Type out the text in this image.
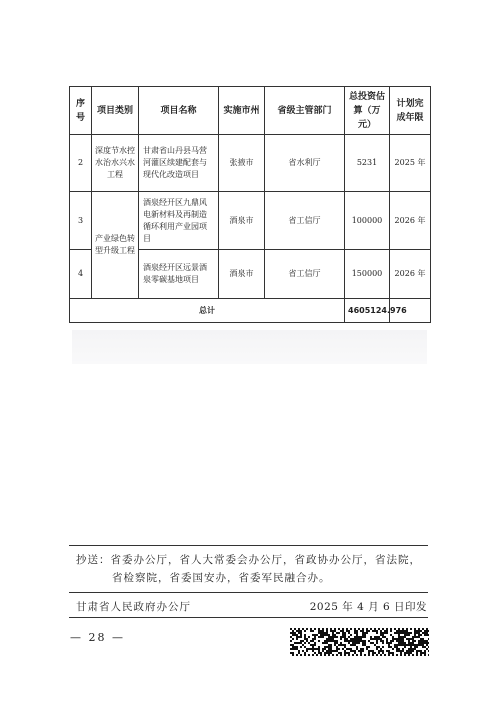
序号	项目类别	项目名称	实施市州	省级主管部门	总投资估算（万元）	计划完成年限
2	深度节水控水治水兴水工程	甘肃省山丹县马营河灌区续建配套与现代化改造项目	张掖市	省水利厅	5231	2025 年
3	产业绿色转型升级工程	酒泉经开区九鼎风电新材料及再制造循环利用产业园项目	酒泉市	省工信厅	100000	2026 年
4		酒泉经开区远景酒泉零碳基地项目	酒泉市	省工信厅	150000	2026 年
总计					4605124.976	
抄送：省委办公厅，省人大常委会办公厅，省政协办公厅，省法院，
省检察院，省委国安办，省委军民融合办。
甘肃省人民政府办公厅	2025 年 4 月 6 日印发
— 28 —
